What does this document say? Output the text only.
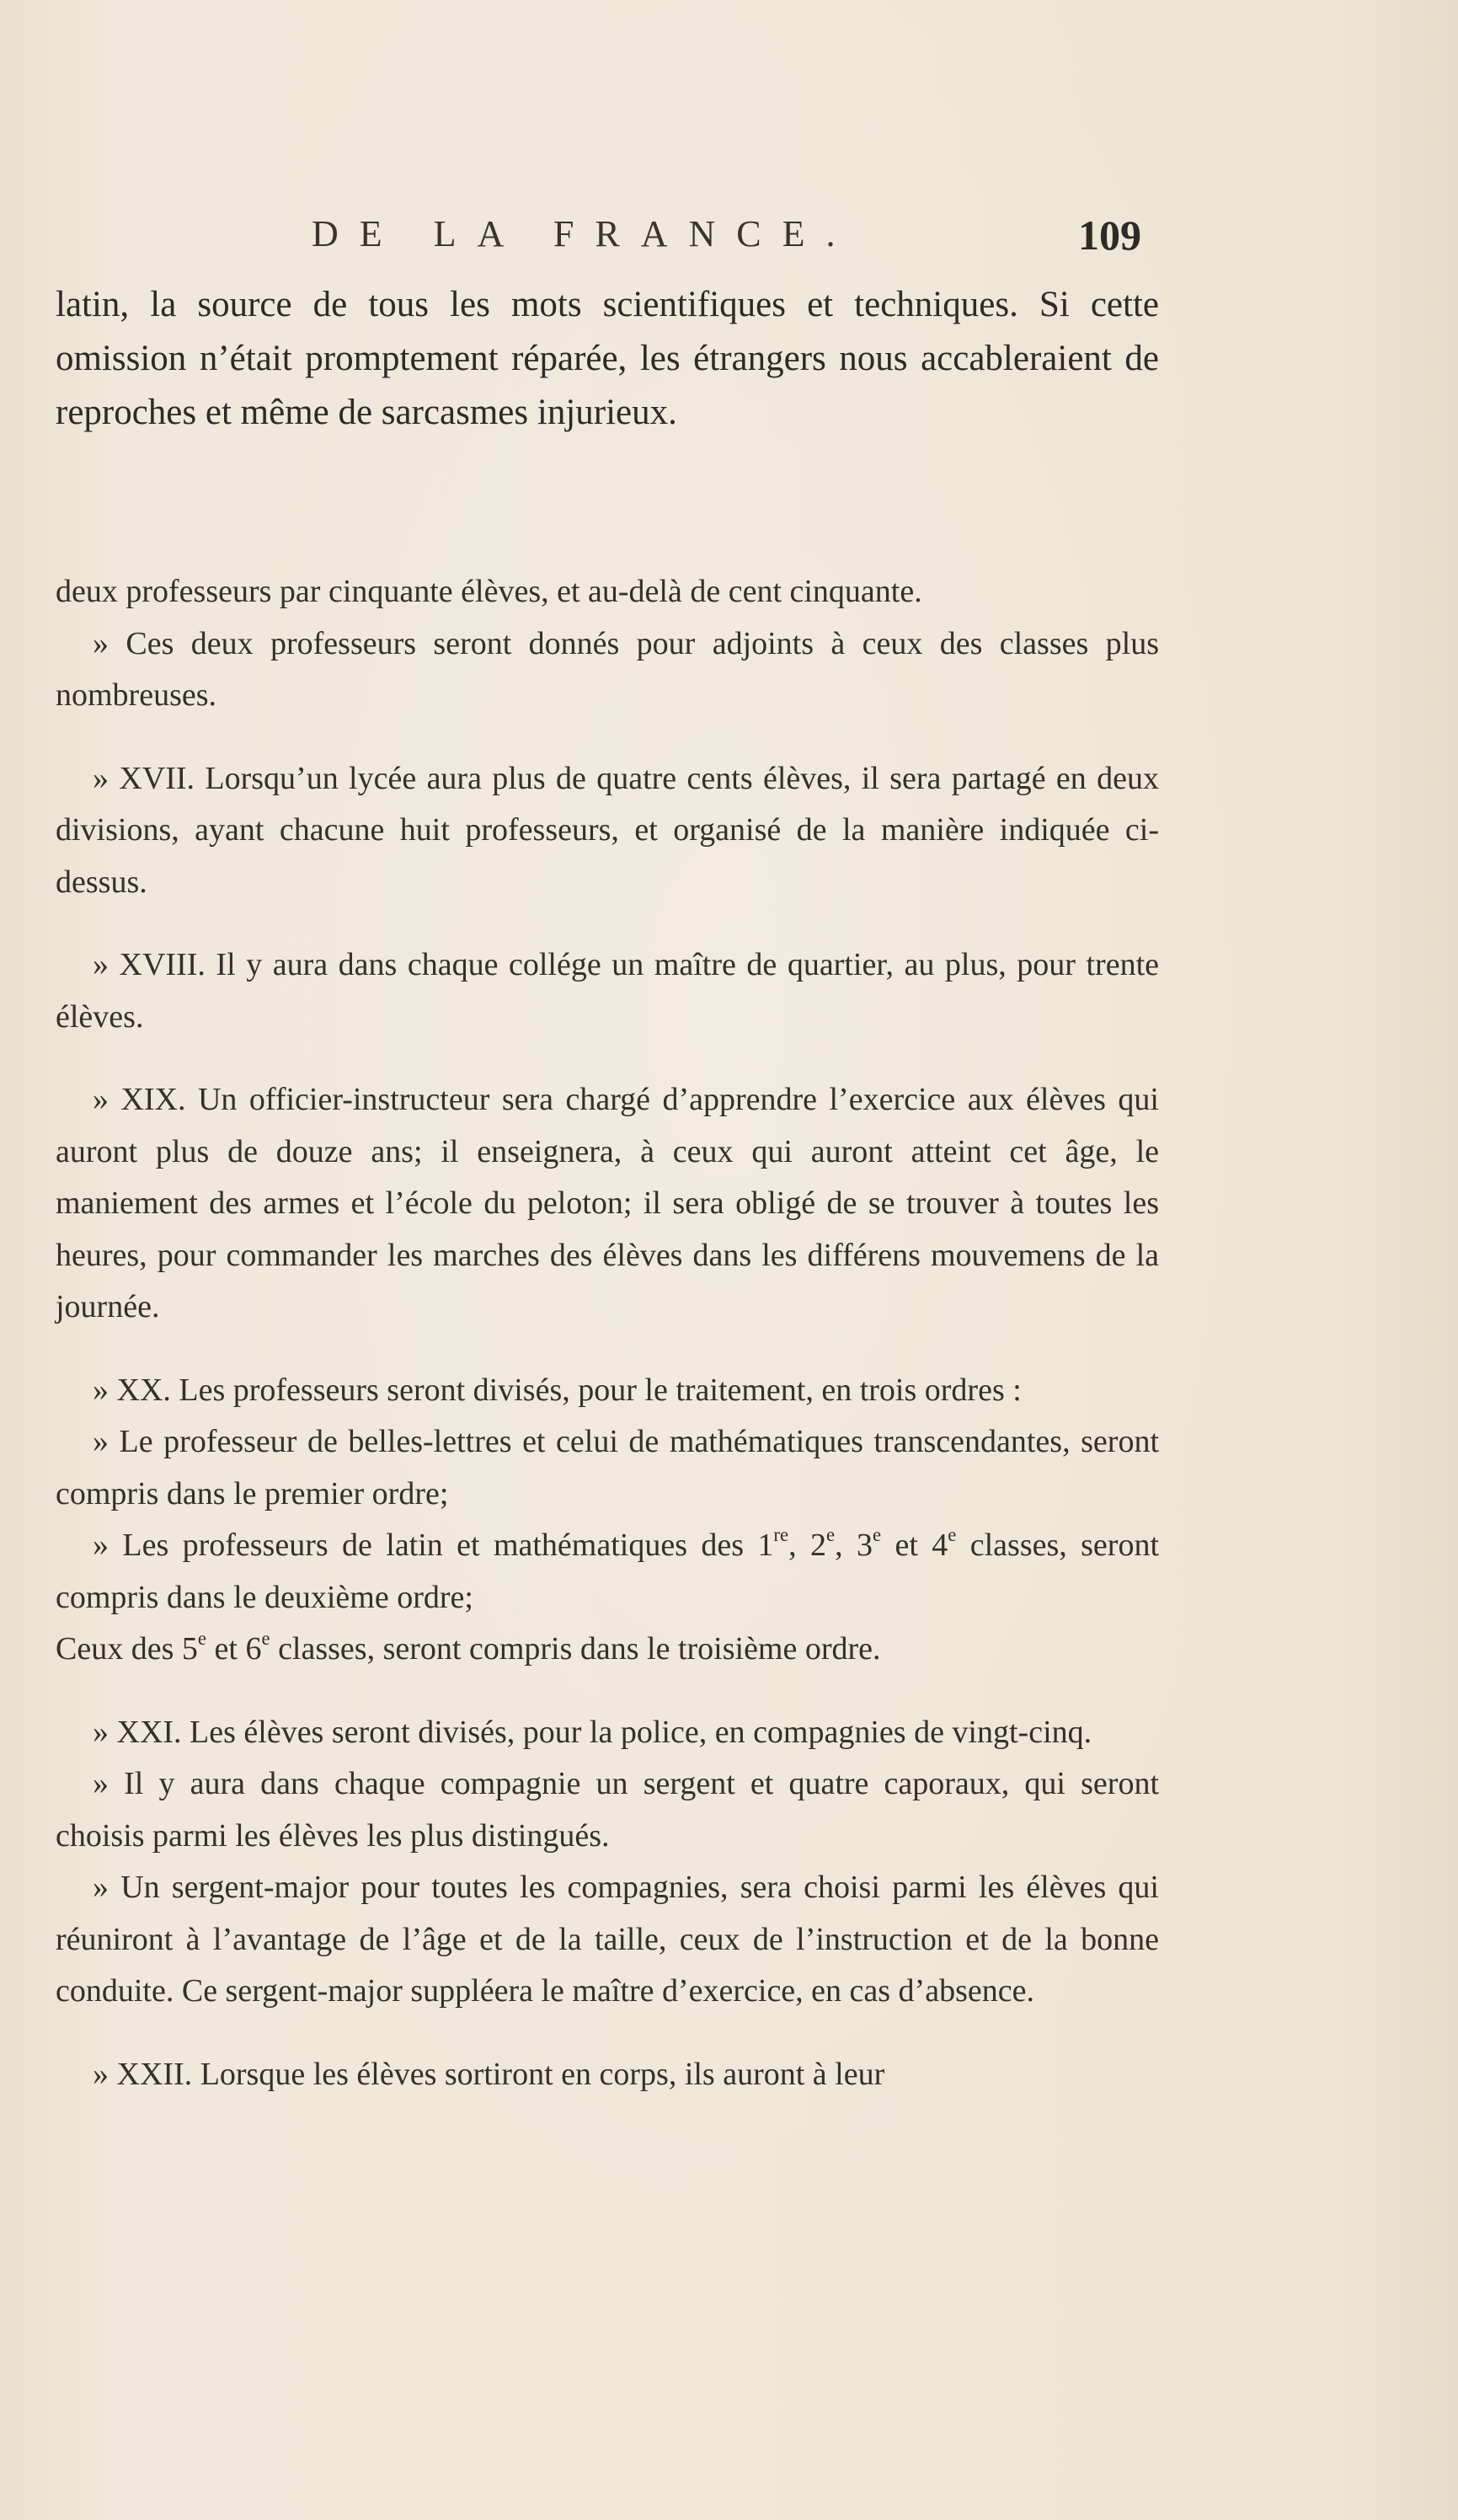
DE LA FRANCE.	109

latin, la source de tous les mots scientifiques et techniques. Si cette omission n’était promptement réparée, les étrangers nous accableraient de reproches et même de sarcasmes injurieux.

deux professeurs par cinquante élèves, et au-delà de cent cinquante.

» Ces deux professeurs seront donnés pour adjoints à ceux des classes plus nombreuses.

» XVII. Lorsqu’un lycée aura plus de quatre cents élèves, il sera partagé en deux divisions, ayant chacune huit professeurs, et organisé de la manière indiquée ci-dessus.

» XVIII. Il y aura dans chaque collége un maître de quartier, au plus, pour trente élèves.

» XIX. Un officier-instructeur sera chargé d’apprendre l’exercice aux élèves qui auront plus de douze ans; il enseignera, à ceux qui auront atteint cet âge, le maniement des armes et l’école du peloton; il sera obligé de se trouver à toutes les heures, pour commander les marches des élèves dans les différens mouvemens de la journée.

» XX. Les professeurs seront divisés, pour le traitement, en trois ordres :

» Le professeur de belles-lettres et celui de mathématiques transcendantes, seront compris dans le premier ordre;

» Les professeurs de latin et mathématiques des 1re, 2e, 3e et 4e classes, seront compris dans le deuxième ordre;

Ceux des 5e et 6e classes, seront compris dans le troisième ordre.

» XXI. Les élèves seront divisés, pour la police, en compagnies de vingt-cinq.

» Il y aura dans chaque compagnie un sergent et quatre caporaux, qui seront choisis parmi les élèves les plus distingués.

» Un sergent-major pour toutes les compagnies, sera choisi parmi les élèves qui réuniront à l’avantage de l’âge et de la taille, ceux de l’instruction et de la bonne conduite. Ce sergent-major suppléera le maître d’exercice, en cas d’absence.

» XXII. Lorsque les élèves sortiront en corps, ils auront à leur
